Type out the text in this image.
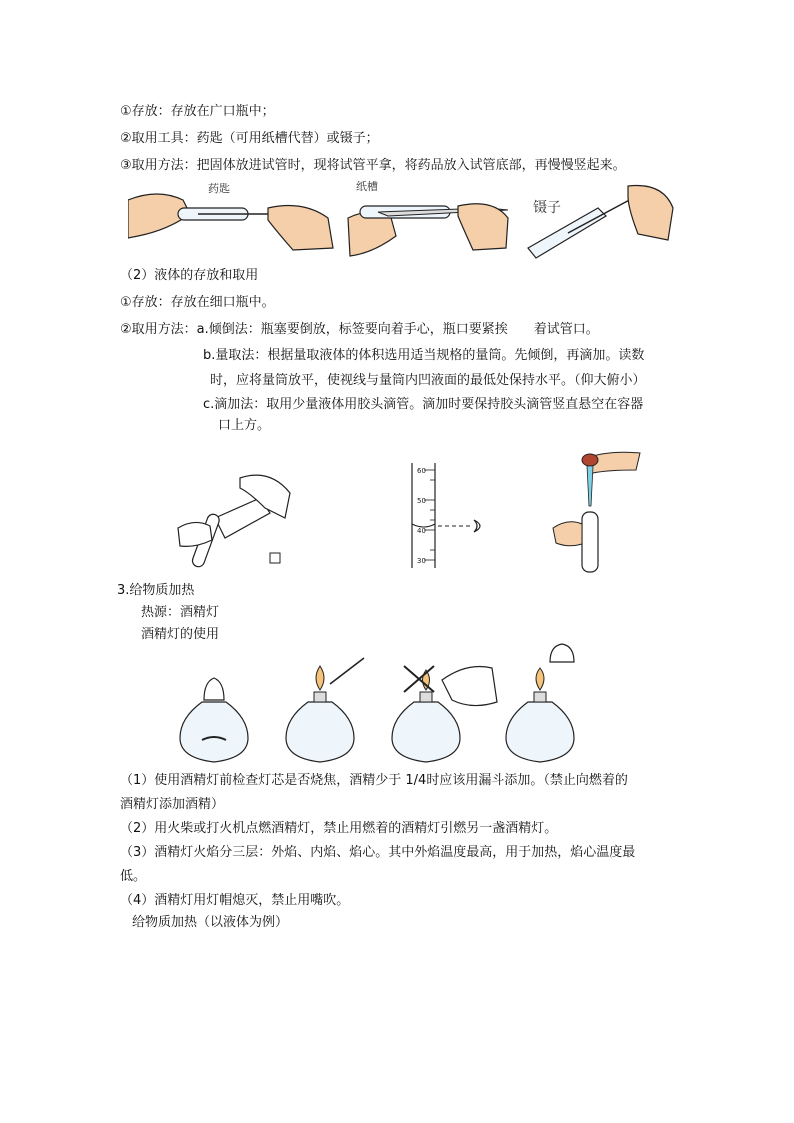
①存放：存放在广口瓶中；
②取用工具：药匙（可用纸槽代替）或镊子；
③取用方法：把固体放进试管时，现将试管平拿，将药品放入试管底部，再慢慢竖起来。
药匙	纸槽
镊子
（2）液体的存放和取用
①存放：存放在细口瓶中。
②取用方法：a.倾倒法：瓶塞要倒放，标签要向着手心，瓶口要紧挨　　着试管口。
b.量取法：根据量取液体的体积选用适当规格的量筒。先倾倒，再滴加。读数
时，应将量筒放平，使视线与量筒内凹液面的最低处保持水平。（仰大俯小）
c.滴加法：取用少量液体用胶头滴管。滴加时要保持胶头滴管竖直悬空在容器
口上方。
60
50
40
30
3.给物质加热
热源：酒精灯
酒精灯的使用
（1）使用酒精灯前检查灯芯是否烧焦，酒精少于 1/4时应该用漏斗添加。（禁止向燃着的
酒精灯添加酒精）
（2）用火柴或打火机点燃酒精灯，禁止用燃着的酒精灯引燃另一盏酒精灯。
（3）酒精灯火焰分三层：外焰、内焰、焰心。其中外焰温度最高，用于加热，焰心温度最
低。
（4）酒精灯用灯帽熄灭，禁止用嘴吹。
给物质加热（以液体为例）
